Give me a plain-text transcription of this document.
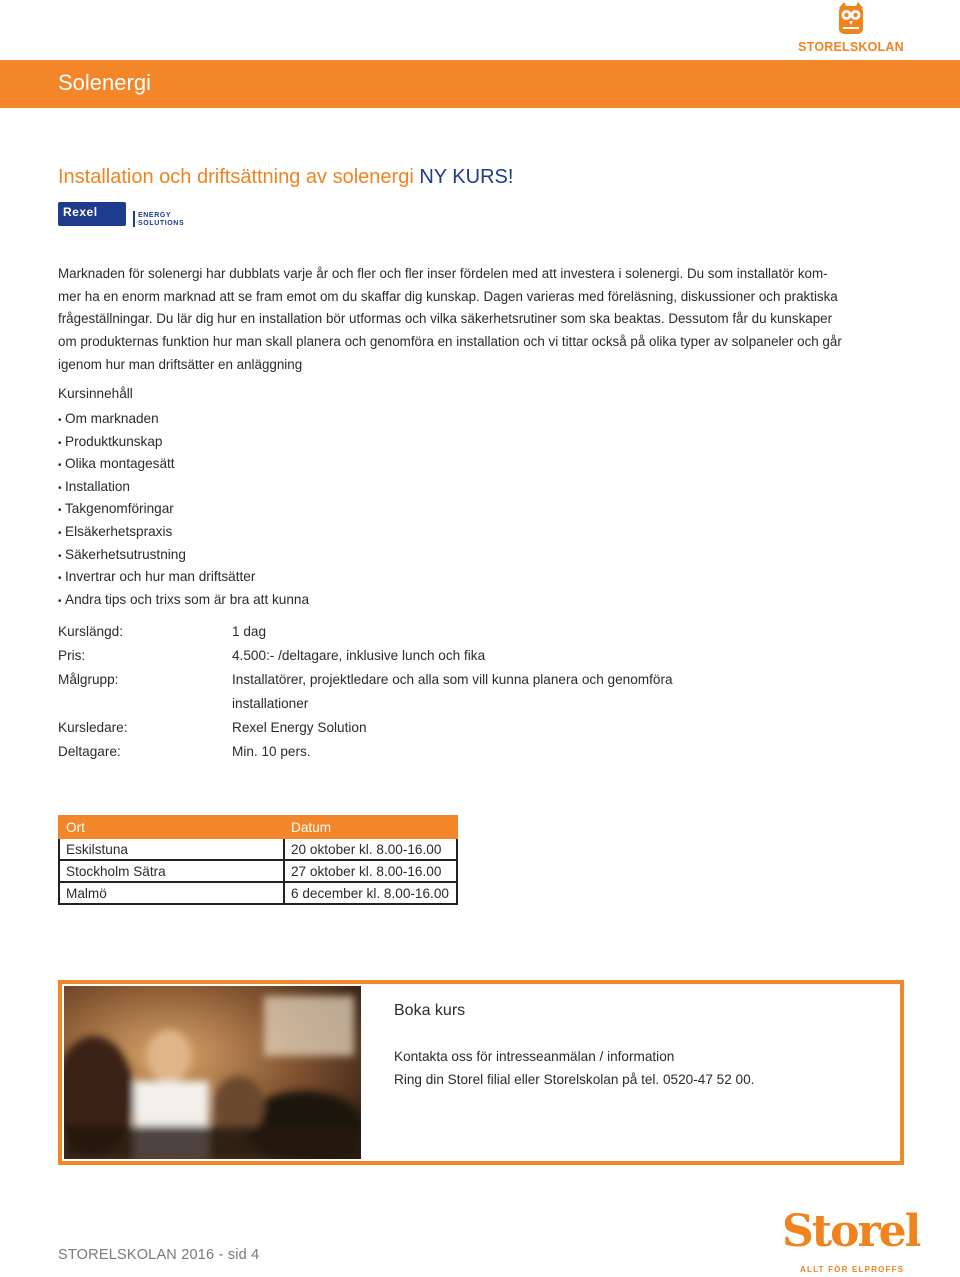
STORELSKOLAN
Solenergi
Installation och driftsättning av solenergi NY KURS!
Rexel	ENERGY
SOLUTIONS
Marknaden för solenergi har dubblats varje år och fler och fler inser fördelen med att investera i solenergi. Du som installatör kom-
mer ha en enorm marknad att se fram emot om du skaffar dig kunskap. Dagen varieras med föreläsning, diskussioner och praktiska
frågeställningar. Du lär dig hur en installation bör utformas och vilka säkerhetsrutiner som ska beaktas. Dessutom får du kunskaper
om produkternas funktion hur man skall planera och genomföra en installation och vi tittar också på olika typer av solpaneler och går
igenom hur man driftsätter en anläggning
Kursinnehåll
• Om marknaden
• Produktkunskap
• Olika montagesätt
• Installation
• Takgenomföringar
• Elsäkerhetspraxis
• Säkerhetsutrustning
• Invertrar och hur man driftsätter
• Andra tips och trixs som är bra att kunna
Kurslängd:	1 dag
Pris:	4.500:- /deltagare, inklusive lunch och fika
Målgrupp:	Installatörer, projektledare och alla som vill kunna planera och genomföra
installationer
Kursledare:	Rexel Energy Solution
Deltagare:	Min. 10 pers.
Ort	Datum
Eskilstuna	20 oktober kl. 8.00-16.00
Stockholm Sätra	27 oktober kl. 8.00-16.00
Malmö	6 december kl. 8.00-16.00
Boka kurs
Kontakta oss för intresseanmälan / information
Ring din Storel filial eller Storelskolan på tel. 0520-47 52 00.
STORELSKOLAN 2016 - sid 4	Storel
ALLT FÖR ELPROFFS
